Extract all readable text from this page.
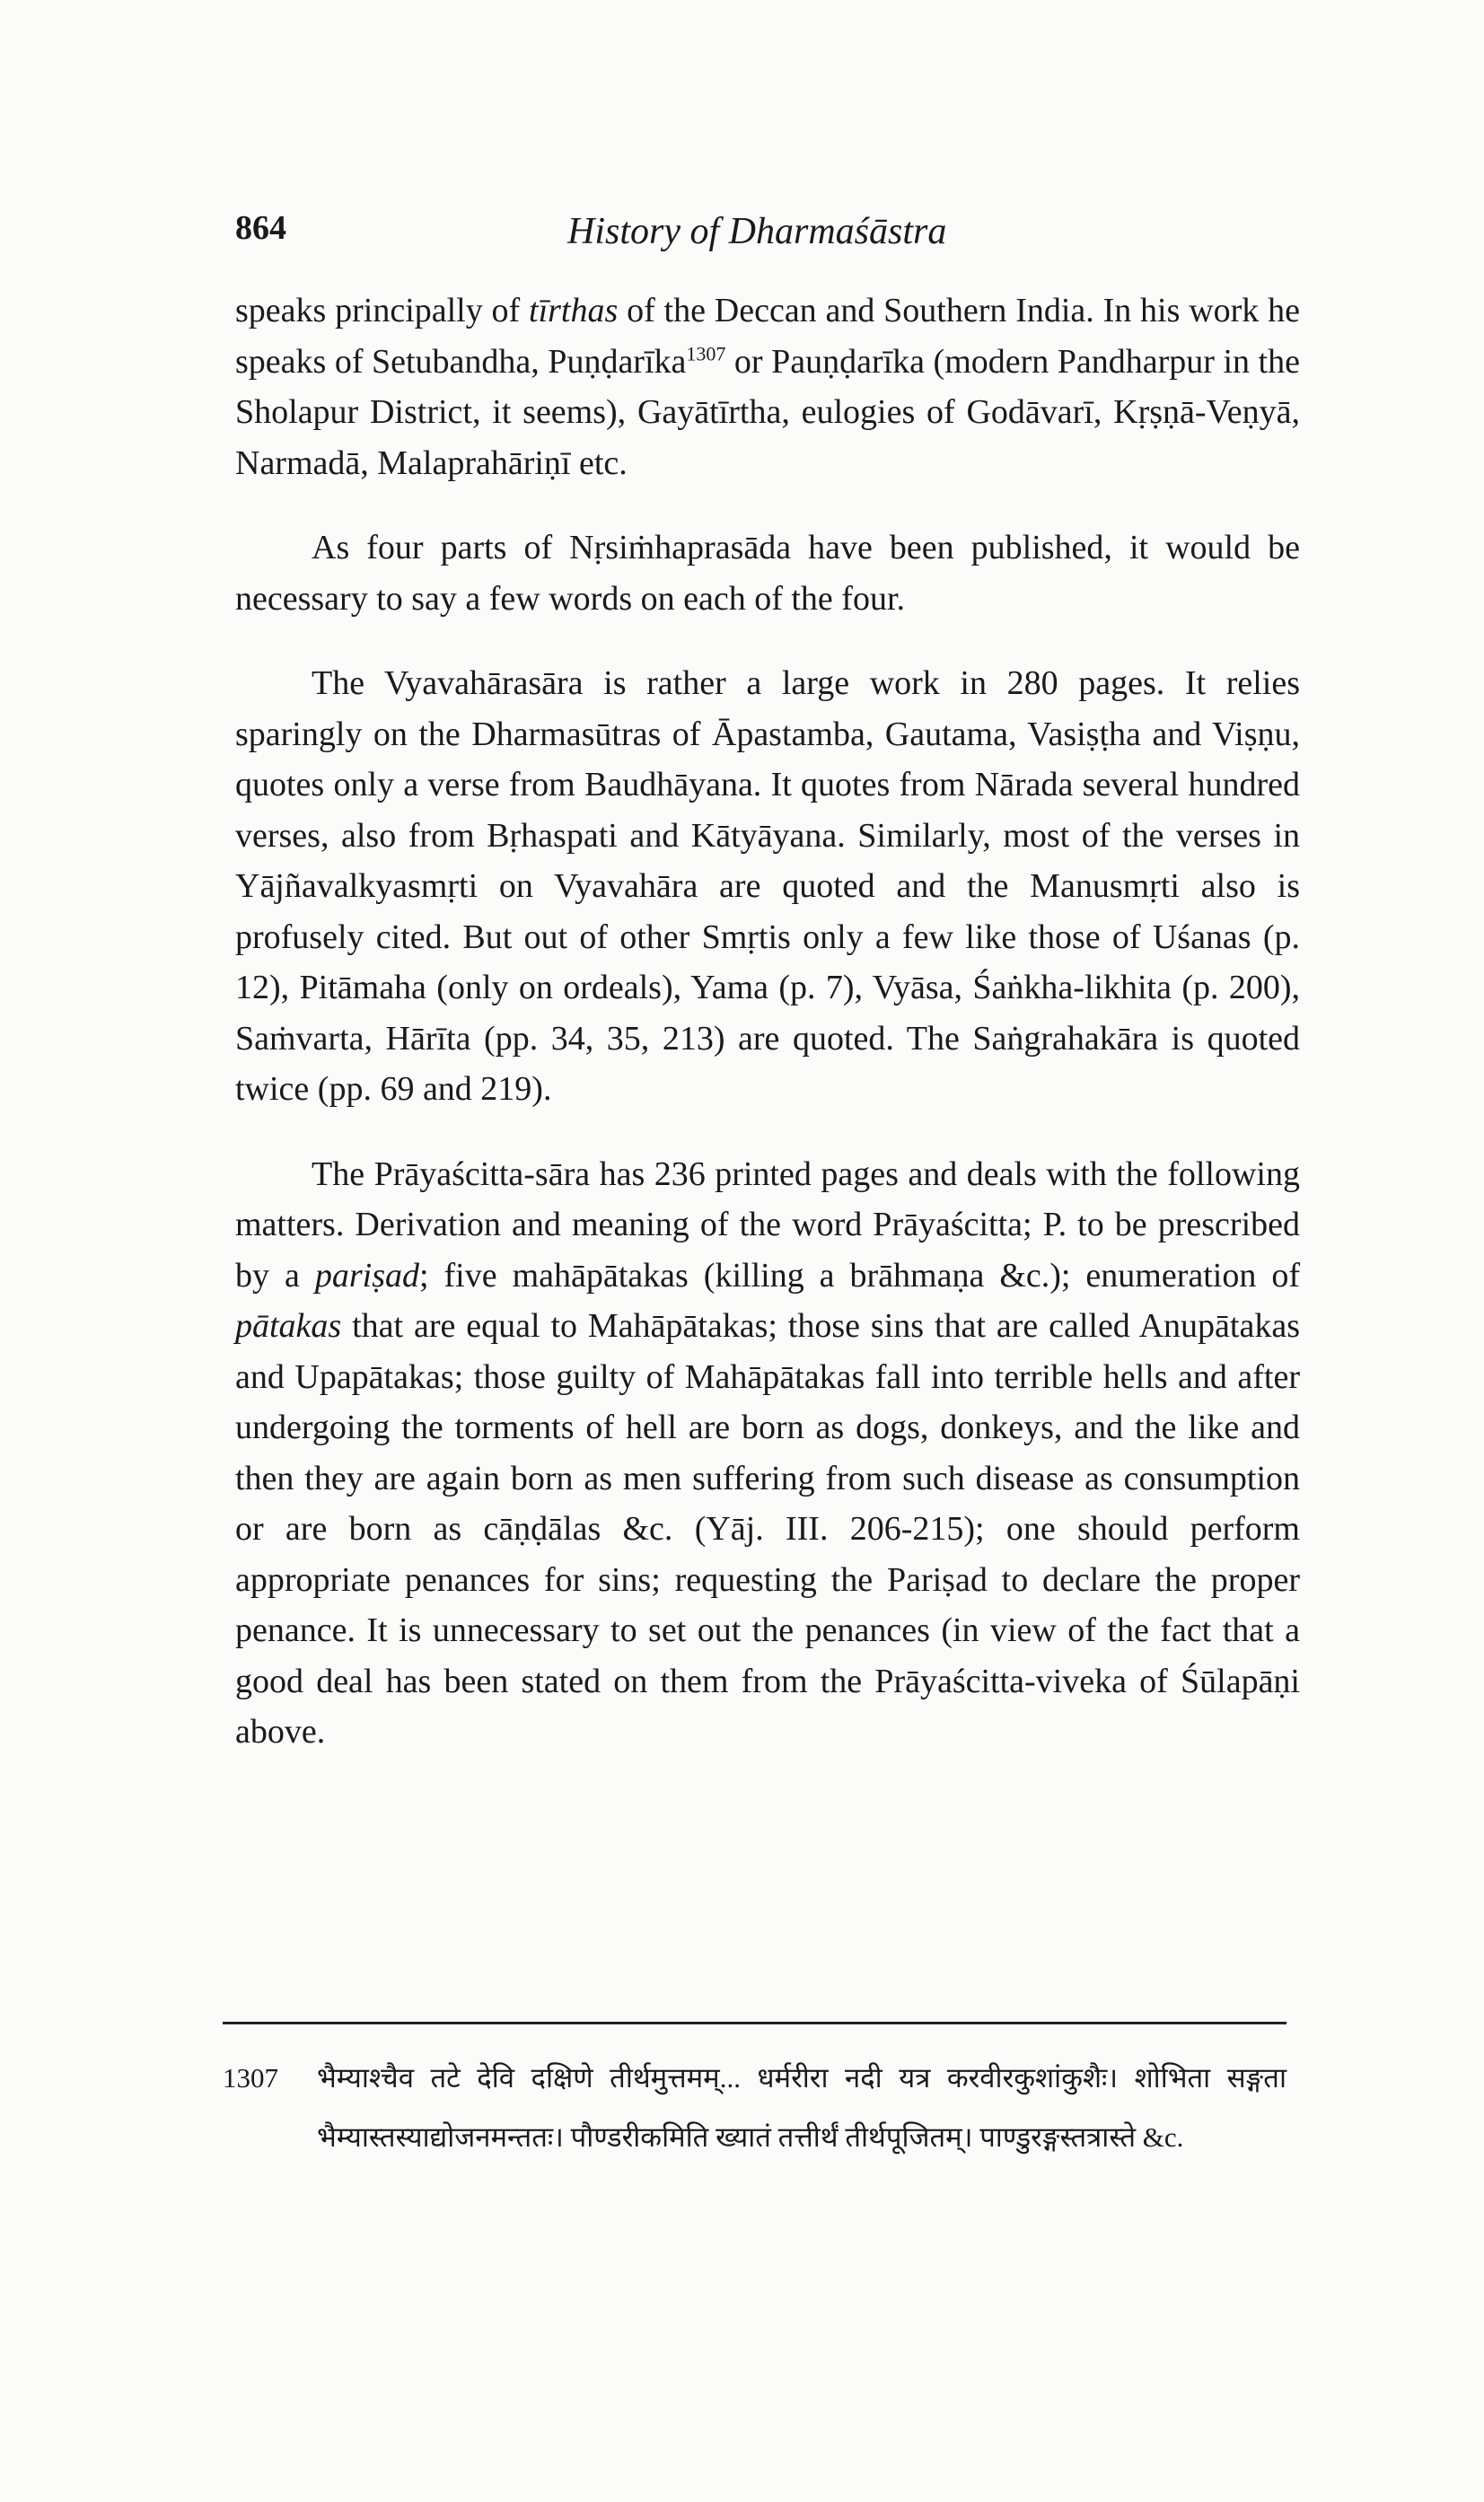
864	History of Dharmaśāstra

speaks principally of tīrthas of the Deccan and Southern India. In his work he speaks of Setubandha, Puṇḍarīka$^{1307}$ or Pauṇḍarīka (modern Pandharpur in the Sholapur District, it seems), Gayātīrtha, eulogies of Godāvarī, Kṛṣṇā-Veṇyā, Narmadā, Malaprahāriṇī etc.

As four parts of Nṛsiṁhaprasāda have been published, it would be necessary to say a few words on each of the four.

The Vyavahārasāra is rather a large work in 280 pages. It relies sparingly on the Dharmasūtras of Āpastamba, Gautama, Vasiṣṭha and Viṣṇu, quotes only a verse from Baudhāyana. It quotes from Nārada several hundred verses, also from Bṛhaspati and Kātyāyana. Similarly, most of the verses in Yājñavalkyasmṛti on Vyavahāra are quoted and the Manusmṛti also is profusely cited. But out of other Smṛtis only a few like those of Uśanas (p. 12), Pitāmaha (only on ordeals), Yama (p. 7), Vyāsa, Śaṅkha-likhita (p. 200), Saṁvarta, Hārīta (pp. 34, 35, 213) are quoted. The Saṅgrahakāra is quoted twice (pp. 69 and 219).

The Prāyaścitta-sāra has 236 printed pages and deals with the following matters. Derivation and meaning of the word Prāyaścitta; P. to be prescribed by a pariṣad; five mahāpātakas (killing a brāhmaṇa &c.); enumeration of pātakas that are equal to Mahāpātakas; those sins that are called Anupātakas and Upapātakas; those guilty of Mahāpātakas fall into terrible hells and after undergoing the torments of hell are born as dogs, donkeys, and the like and then they are again born as men suffering from such disease as consumption or are born as cāṇḍālas &c. (Yāj. III. 206-215); one should perform appropriate penances for sins; requesting the Pariṣad to declare the proper penance. It is unnecessary to set out the penances (in view of the fact that a good deal has been stated on them from the Prāyaścitta-viveka of Śūlapāṇi above.

1307 भैम्याश्चैव तटे देवि दक्षिणे तीर्थमुत्तमम्... धर्मरीरा नदी यत्र करवीरकुशांकुशैः। शोभिता सङ्गता भैम्यास्तस्याद्योजनमन्ततः। पौण्डरीकमिति ख्यातं तत्तीर्थं तीर्थपूजितम्। पाण्डुरङ्गस्तत्रास्ते &c.
